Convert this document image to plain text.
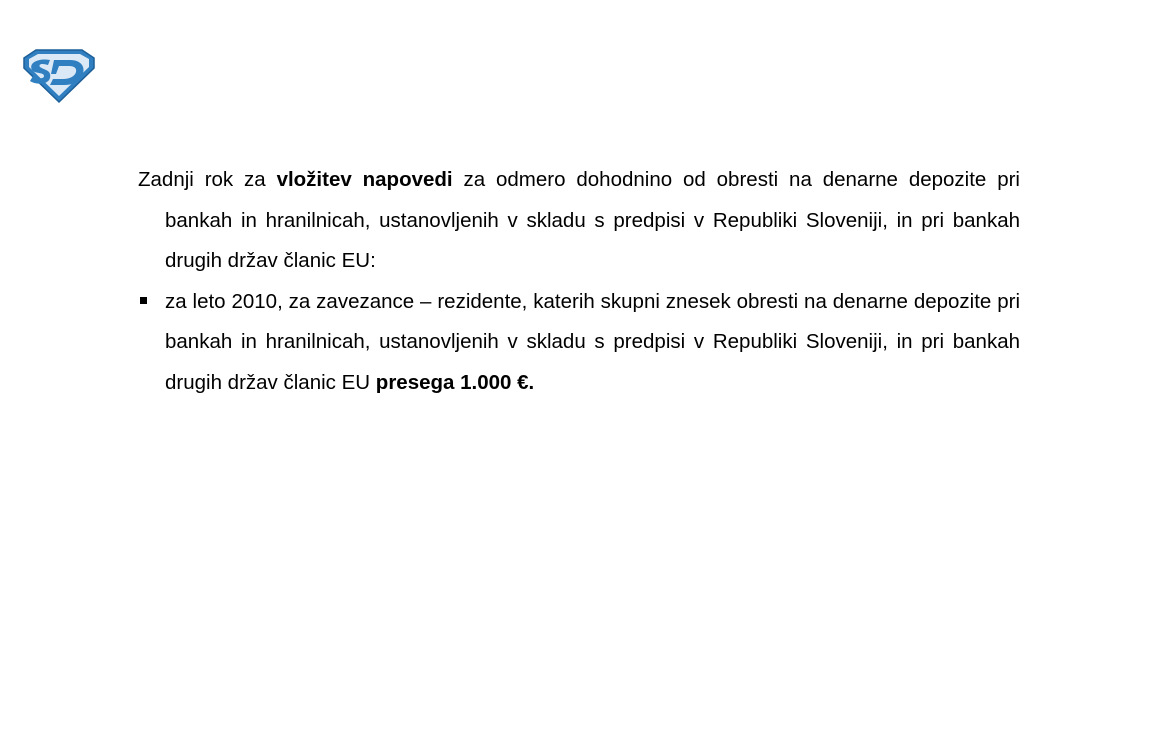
Zadnji rok za vložitev napovedi za odmero dohodnino od obresti na denarne depozite pri bankah in hranilnicah, ustanovljenih v skladu s predpisi v Republiki Sloveniji, in pri bankah drugih držav članic EU:

za leto 2010, za zavezance – rezidente, katerih skupni znesek obresti na denarne depozite pri bankah in hranilnicah, ustanovljenih v skladu s predpisi v Republiki Sloveniji, in pri bankah drugih držav članic EU presega 1.000 €.
